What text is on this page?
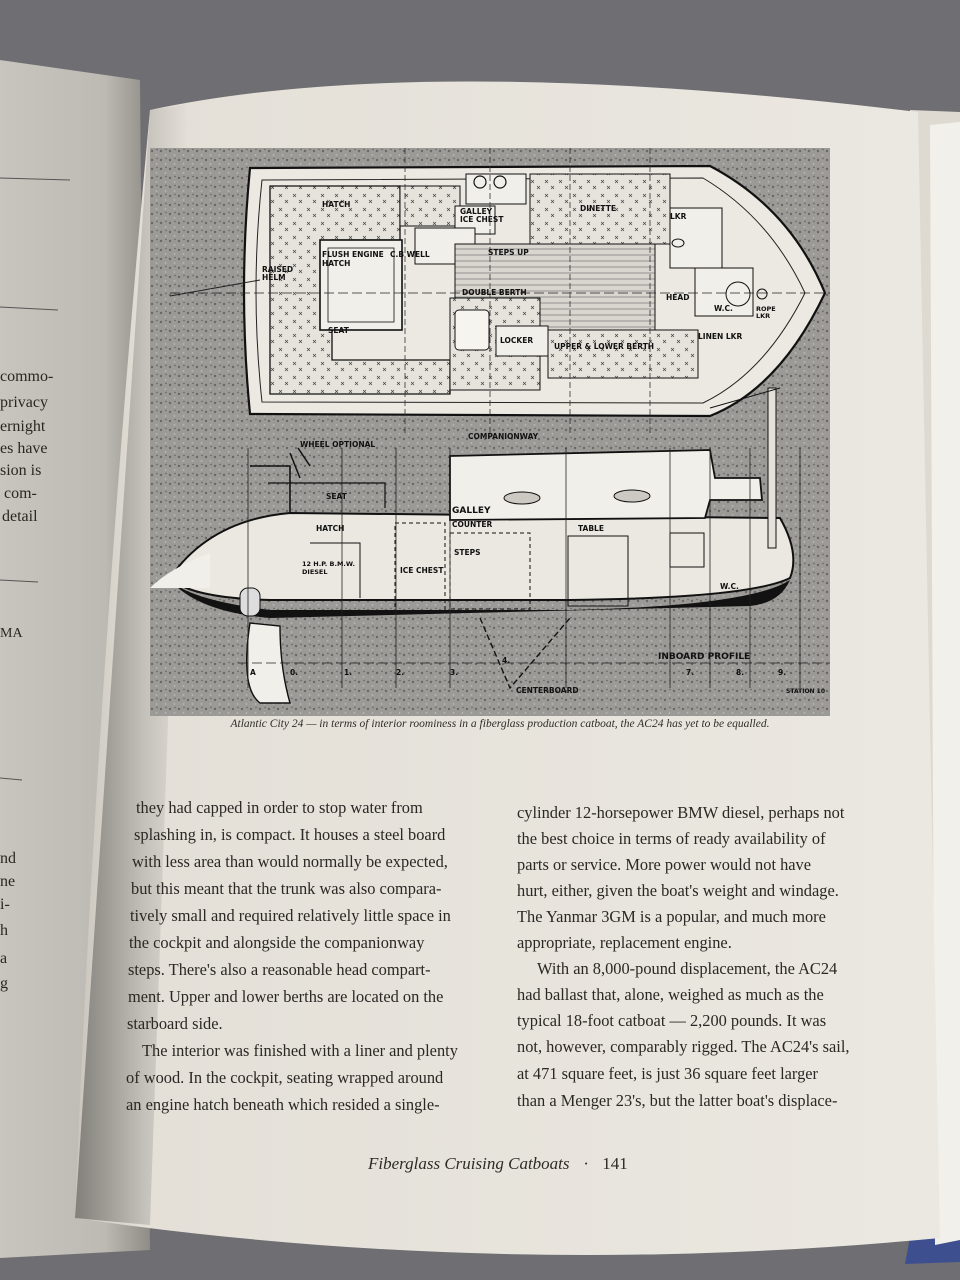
commo-
privacy
ernight
es have
sion is
com-
detail
MA
nd
ne
i-
h
a
g
HATCH
GALLEY
ICE CHEST
DINETTE
LKR
RAISED
HELM
FLUSH ENGINE
HATCH
C.B WELL	STEPS UP
DOUBLE BERTH
HEAD
W.C.	ROPE
LKR
SEAT
LOCKER
UPPER & LOWER BERTH
LINEN LKR
COMPANIONWAY
WHEEL OPTIONAL
SEAT
GALLEY
COUNTER
HATCH	TABLE
STEPS
12 H.P. B.M.W.
DIESEL	ICE CHEST
W.C.
INBOARD PROFILE
CENTERBOARD	STATION 10
A	0.	1.	2.	3.
4.
7.	8.	9.
Atlantic City 24 — in terms of interior roominess in a fiberglass production catboat, the AC24 has yet to be equalled.
they had capped in order to stop water from
splashing in, is compact. It houses a steel board
with less area than would normally be expected,
but this meant that the trunk was also compara-
tively small and required relatively little space in
the cockpit and alongside the companionway
steps. There's also a reasonable head compart-
ment. Upper and lower berths are located on the
starboard side.
The interior was finished with a liner and plenty
of wood. In the cockpit, seating wrapped around
an engine hatch beneath which resided a single-
cylinder 12-horsepower BMW diesel, perhaps not
the best choice in terms of ready availability of
parts or service. More power would not have
hurt, either, given the boat's weight and windage.
The Yanmar 3GM is a popular, and much more
appropriate, replacement engine.
With an 8,000-pound displacement, the AC24
had ballast that, alone, weighed as much as the
typical 18-foot catboat — 2,200 pounds. It was
not, however, comparably rigged. The AC24's sail,
at 471 square feet, is just 36 square feet larger
than a Menger 23's, but the latter boat's displace-
Fiberglass Cruising Catboats · 141
